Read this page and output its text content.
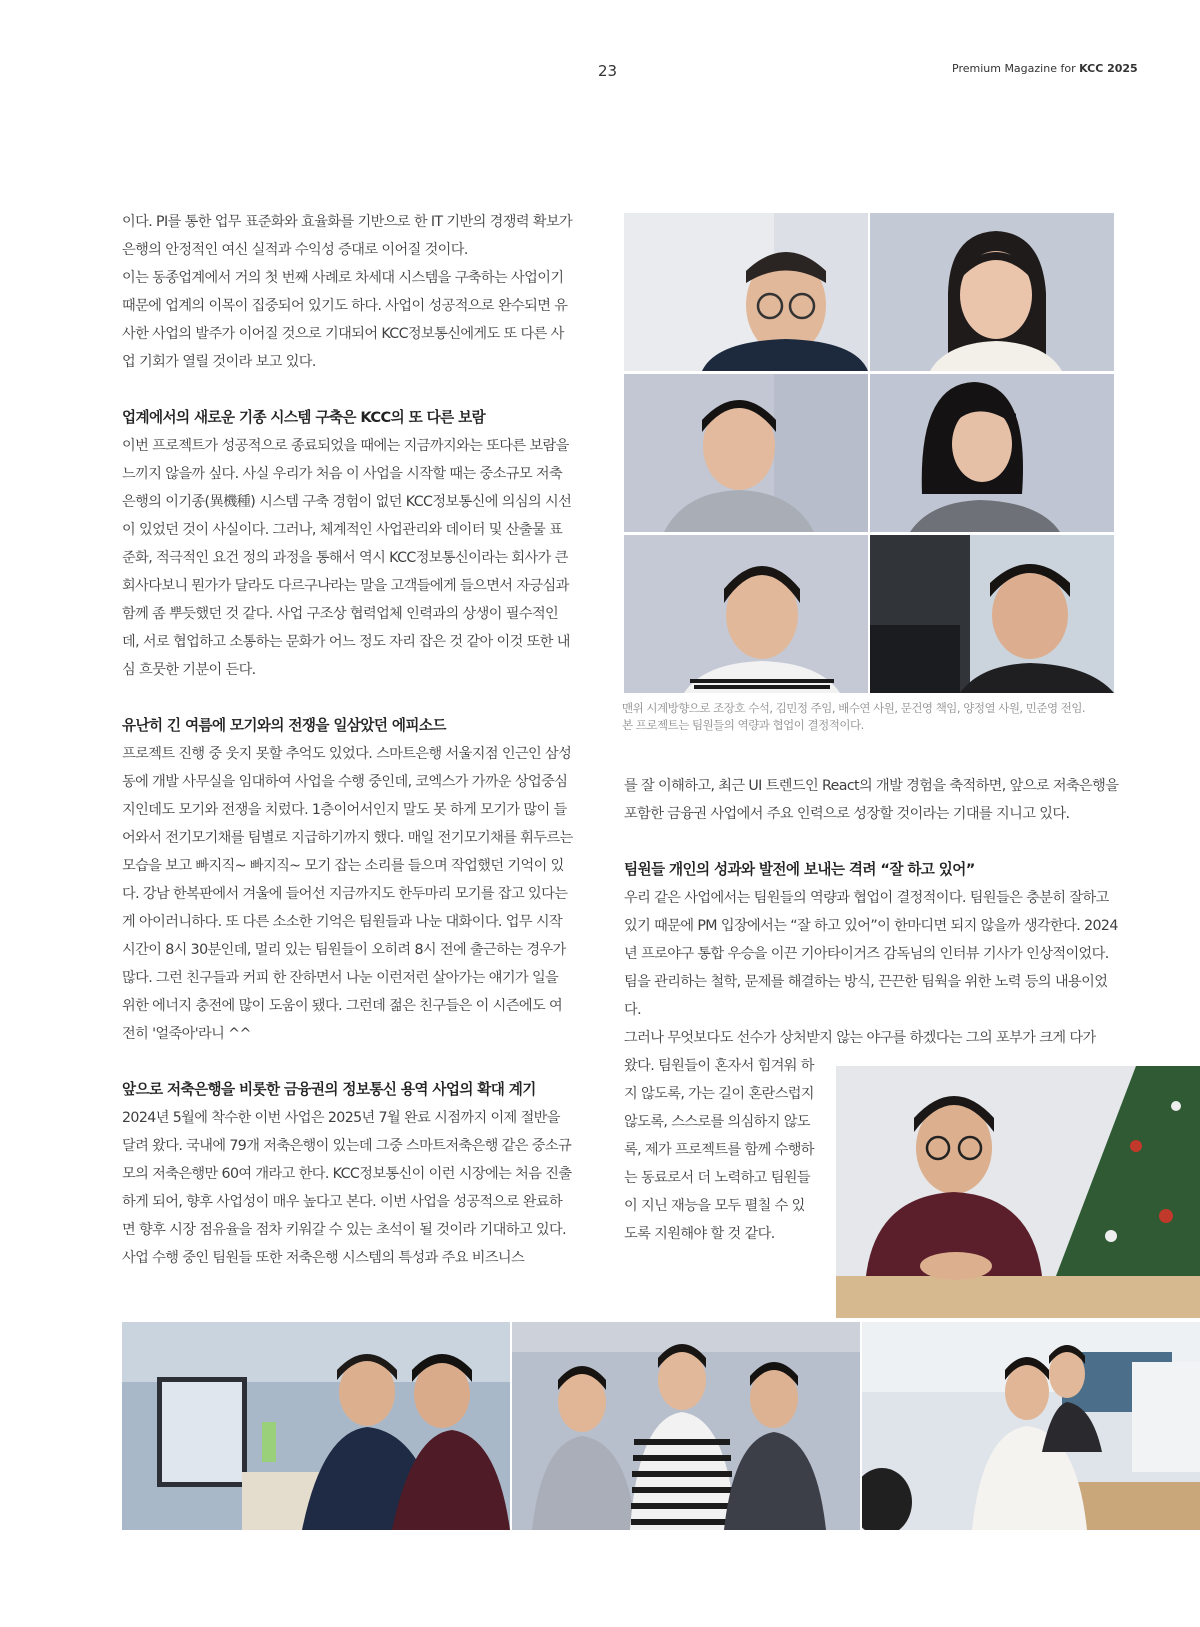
23	Premium Magazine for KCC 2025

이다. PI를 통한 업무 표준화와 효율화를 기반으로 한 IT 기반의 경쟁력 확보가 은행의 안정적인 여신 실적과 수익성 증대로 이어질 것이다.

이는 동종업계에서 거의 첫 번째 사례로 차세대 시스템을 구축하는 사업이기 때문에 업계의 이목이 집중되어 있기도 하다. 사업이 성공적으로 완수되면 유사한 사업의 발주가 이어질 것으로 기대되어 KCC정보통신에게도 또 다른 사업 기회가 열릴 것이라 보고 있다.

업계에서의 새로운 기종 시스템 구축은 KCC의 또 다른 보람

이번 프로젝트가 성공적으로 종료되었을 때에는 지금까지와는 또다른 보람을 느끼지 않을까 싶다. 사실 우리가 처음 이 사업을 시작할 때는 중소규모 저축은행의 이기종(異機種) 시스템 구축 경험이 없던 KCC정보통신에 의심의 시선이 있었던 것이 사실이다. 그러나, 체계적인 사업관리와 데이터 및 산출물 표준화, 적극적인 요건 정의 과정을 통해서 역시 KCC정보통신이라는 회사가 큰 회사다보니 뭔가가 달라도 다르구나라는 말을 고객들에게 들으면서 자긍심과 함께 좀 뿌듯했던 것 같다. 사업 구조상 협력업체 인력과의 상생이 필수적인데, 서로 협업하고 소통하는 문화가 어느 정도 자리 잡은 것 같아 이것 또한 내심 흐뭇한 기분이 든다.

유난히 긴 여름에 모기와의 전쟁을 일삼았던 에피소드

프로젝트 진행 중 웃지 못할 추억도 있었다. 스마트은행 서울지점 인근인 삼성동에 개발 사무실을 임대하여 사업을 수행 중인데, 코엑스가 가까운 상업중심지인데도 모기와 전쟁을 치렀다. 1층이어서인지 말도 못 하게 모기가 많이 들어와서 전기모기채를 팀별로 지급하기까지 했다. 매일 전기모기채를 휘두르는 모습을 보고 빠지직~ 빠지직~ 모기 잡는 소리를 들으며 작업했던 기억이 있다. 강남 한복판에서 겨울에 들어선 지금까지도 한두마리 모기를 잡고 있다는 게 아이러니하다. 또 다른 소소한 기억은 팀원들과 나눈 대화이다. 업무 시작 시간이 8시 30분인데, 멀리 있는 팀원들이 오히려 8시 전에 출근하는 경우가 많다. 그런 친구들과 커피 한 잔하면서 나눈 이런저런 살아가는 얘기가 일을 위한 에너지 충전에 많이 도움이 됐다. 그런데 젊은 친구들은 이 시즌에도 여전히 '얼죽아'라니 ^^

앞으로 저축은행을 비롯한 금융권의 정보통신 용역 사업의 확대 계기

2024년 5월에 착수한 이번 사업은 2025년 7월 완료 시점까지 이제 절반을 달려 왔다. 국내에 79개 저축은행이 있는데 그중 스마트저축은행 같은 중소규모의 저축은행만 60여 개라고 한다. KCC정보통신이 이런 시장에는 처음 진출하게 되어, 향후 사업성이 매우 높다고 본다. 이번 사업을 성공적으로 완료하면 향후 시장 점유율을 점차 키워갈 수 있는 초석이 될 것이라 기대하고 있다. 사업 수행 중인 팀원들 또한 저축은행 시스템의 특성과 주요 비즈니스

맨위 시계방향으로 조장호 수석, 김민정 주임, 배수연 사원, 문건영 책임, 양정열 사원, 민준영 전임.
본 프로젝트는 팀원들의 역량과 협업이 결정적이다.

를 잘 이해하고, 최근 UI 트렌드인 React의 개발 경험을 축적하면, 앞으로 저축은행을 포함한 금융권 사업에서 주요 인력으로 성장할 것이라는 기대를 지니고 있다.

팀원들 개인의 성과와 발전에 보내는 격려 “잘 하고 있어”

우리 같은 사업에서는 팀원들의 역량과 협업이 결정적이다. 팀원들은 충분히 잘하고 있기 때문에 PM 입장에서는 “잘 하고 있어”이 한마디면 되지 않을까 생각한다. 2024년 프로야구 통합 우승을 이끈 기아타이거즈 감독님의 인터뷰 기사가 인상적이었다. 팀을 관리하는 철학, 문제를 해결하는 방식, 끈끈한 팀웍을 위한 노력 등의 내용이었다.

그러나 무엇보다도 선수가 상처받지 않는 야구를 하겠다는 그의 포부가 크게 다가

왔다. 팀원들이 혼자서 힘겨워 하지 않도록, 가는 길이 혼란스럽지 않도록, 스스로를 의심하지 않도록, 제가 프로젝트를 함께 수행하는 동료로서 더 노력하고 팀원들이 지닌 재능을 모두 펼칠 수 있도록 지원해야 할 것 같다.
